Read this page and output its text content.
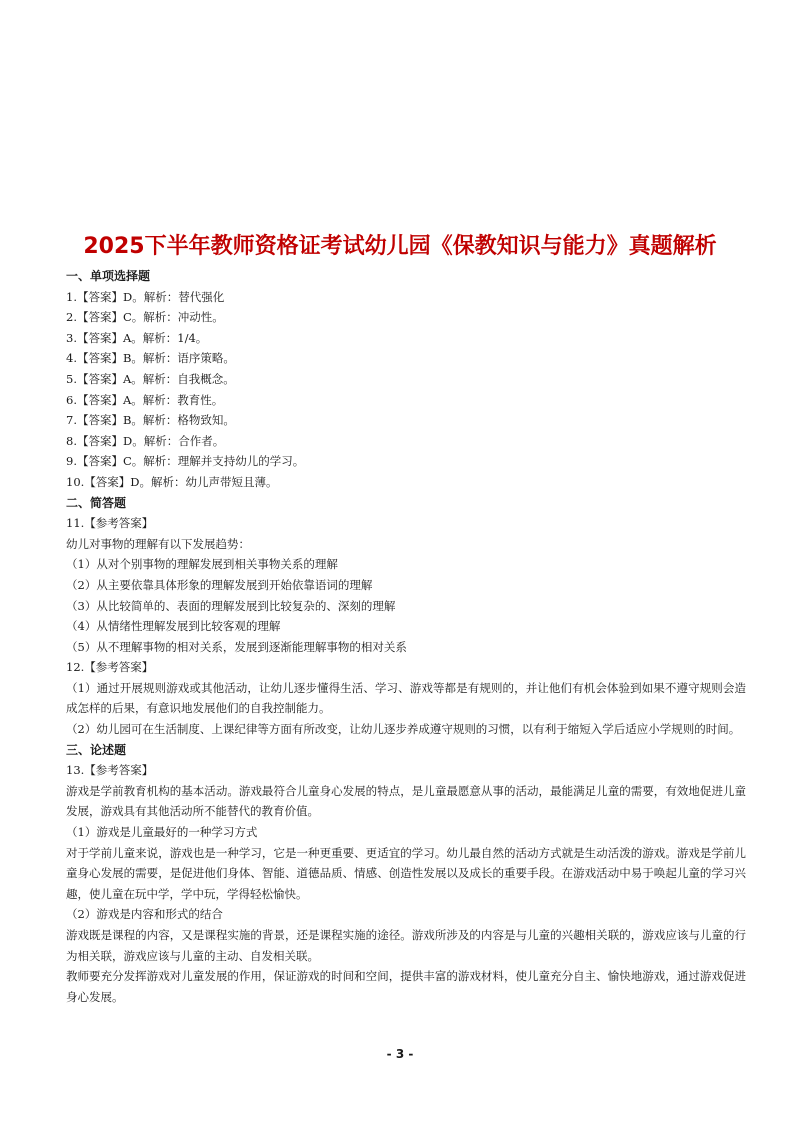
2025下半年教师资格证考试幼儿园《保教知识与能力》真题解析
一、单项选择题
1.【答案】D。解析：替代强化
2.【答案】C。解析：冲动性。
3.【答案】A。解析：1/4。
4.【答案】B。解析：语序策略。
5.【答案】A。解析：自我概念。
6.【答案】A。解析：教育性。
7.【答案】B。解析：格物致知。
8.【答案】D。解析：合作者。
9.【答案】C。解析：理解并支持幼儿的学习。
10.【答案】D。解析：幼儿声带短且薄。
二、简答题
11.【参考答案】
幼儿对事物的理解有以下发展趋势：
（1）从对个别事物的理解发展到相关事物关系的理解
（2）从主要依靠具体形象的理解发展到开始依靠语词的理解
（3）从比较简单的、表面的理解发展到比较复杂的、深刻的理解
（4）从情绪性理解发展到比较客观的理解
（5）从不理解事物的相对关系，发展到逐渐能理解事物的相对关系
12.【参考答案】
（1）通过开展规则游戏或其他活动，让幼儿逐步懂得生活、学习、游戏等都是有规则的，并让他们有机会体验到如果不遵守规则会造成怎样的后果，有意识地发展他们的自我控制能力。
（2）幼儿园可在生活制度、上课纪律等方面有所改变，让幼儿逐步养成遵守规则的习惯，以有利于缩短入学后适应小学规则的时间。
三、论述题
13.【参考答案】
游戏是学前教育机构的基本活动。游戏最符合儿童身心发展的特点，是儿童最愿意从事的活动，最能满足儿童的需要，有效地促进儿童发展，游戏具有其他活动所不能替代的教育价值。
（1）游戏是儿童最好的一种学习方式
对于学前儿童来说，游戏也是一种学习，它是一种更重要、更适宜的学习。幼儿最自然的活动方式就是生动活泼的游戏。游戏是学前儿童身心发展的需要，是促进他们身体、智能、道德品质、情感、创造性发展以及成长的重要手段。在游戏活动中易于唤起儿童的学习兴趣，使儿童在玩中学，学中玩，学得轻松愉快。
（2）游戏是内容和形式的结合
游戏既是课程的内容，又是课程实施的背景，还是课程实施的途径。游戏所涉及的内容是与儿童的兴趣相关联的，游戏应该与儿童的行为相关联，游戏应该与儿童的主动、自发相关联。
教师要充分发挥游戏对儿童发展的作用，保证游戏的时间和空间，提供丰富的游戏材料，使儿童充分自主、愉快地游戏，通过游戏促进身心发展。
- 3 -
